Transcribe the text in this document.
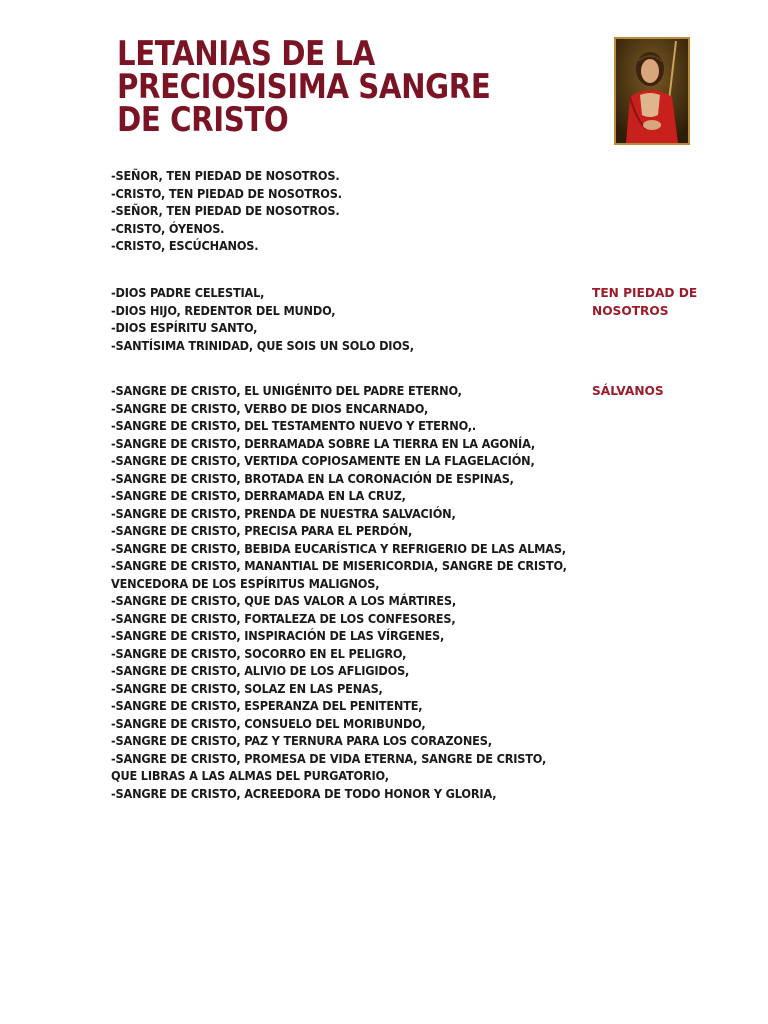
LETANIAS DE LA
PRECIOSISIMA SANGRE
DE CRISTO
-SEÑOR, TEN PIEDAD DE NOSOTROS.
-CRISTO, TEN PIEDAD DE NOSOTROS.
-SEÑOR, TEN PIEDAD DE NOSOTROS.
-CRISTO, ÓYENOS.
-CRISTO, ESCÚCHANOS.
-DIOS PADRE CELESTIAL,
-DIOS HIJO, REDENTOR DEL MUNDO,
-DIOS ESPÍRITU SANTO,
-SANTÍSIMA TRINIDAD, QUE SOIS UN SOLO DIOS,

TEN PIEDAD DE
NOSOTROS

-SANGRE DE CRISTO, EL UNIGÉNITO DEL PADRE ETERNO,
-SANGRE DE CRISTO, VERBO DE DIOS ENCARNADO,
-SANGRE DE CRISTO, DEL TESTAMENTO NUEVO Y ETERNO,.
-SANGRE DE CRISTO, DERRAMADA SOBRE LA TIERRA EN LA AGONÍA,
-SANGRE DE CRISTO, VERTIDA COPIOSAMENTE EN LA FLAGELACIÓN,
-SANGRE DE CRISTO, BROTADA EN LA CORONACIÓN DE ESPINAS,
-SANGRE DE CRISTO, DERRAMADA EN LA CRUZ,
-SANGRE DE CRISTO, PRENDA DE NUESTRA SALVACIÓN,
-SANGRE DE CRISTO, PRECISA PARA EL PERDÓN,
-SANGRE DE CRISTO, BEBIDA EUCARÍSTICA Y REFRIGERIO DE LAS ALMAS,
-SANGRE DE CRISTO, MANANTIAL DE MISERICORDIA, SANGRE DE CRISTO,
VENCEDORA DE LOS ESPÍRITUS MALIGNOS,
-SANGRE DE CRISTO, QUE DAS VALOR A LOS MÁRTIRES,
-SANGRE DE CRISTO, FORTALEZA DE LOS CONFESORES,
-SANGRE DE CRISTO, INSPIRACIÓN DE LAS VÍRGENES,
-SANGRE DE CRISTO, SOCORRO EN EL PELIGRO,
-SANGRE DE CRISTO, ALIVIO DE LOS AFLIGIDOS,
-SANGRE DE CRISTO, SOLAZ EN LAS PENAS,
-SANGRE DE CRISTO, ESPERANZA DEL PENITENTE,
-SANGRE DE CRISTO, CONSUELO DEL MORIBUNDO,
-SANGRE DE CRISTO, PAZ Y TERNURA PARA LOS CORAZONES,
-SANGRE DE CRISTO, PROMESA DE VIDA ETERNA, SANGRE DE CRISTO,
QUE LIBRAS A LAS ALMAS DEL PURGATORIO,
-SANGRE DE CRISTO, ACREEDORA DE TODO HONOR Y GLORIA,

SÁLVANOS
